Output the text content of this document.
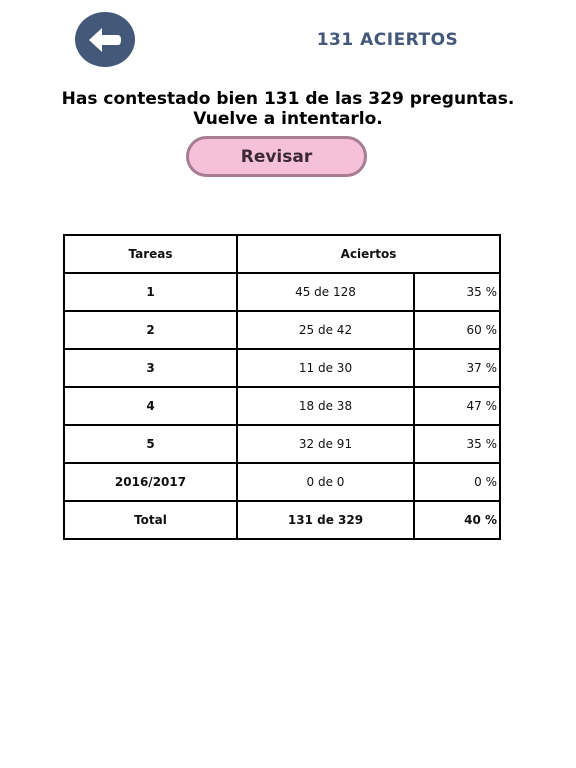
131 ACIERTOS
Has contestado bien 131 de las 329 preguntas.
Vuelve a intentarlo.
Revisar
Tareas	Aciertos	
1	45 de 128	35 %
2	25 de 42	60 %
3	11 de 30	37 %
4	18 de 38	47 %
5	32 de 91	35 %
2016/2017	0 de 0	0 %
Total	131 de 329	40 %
